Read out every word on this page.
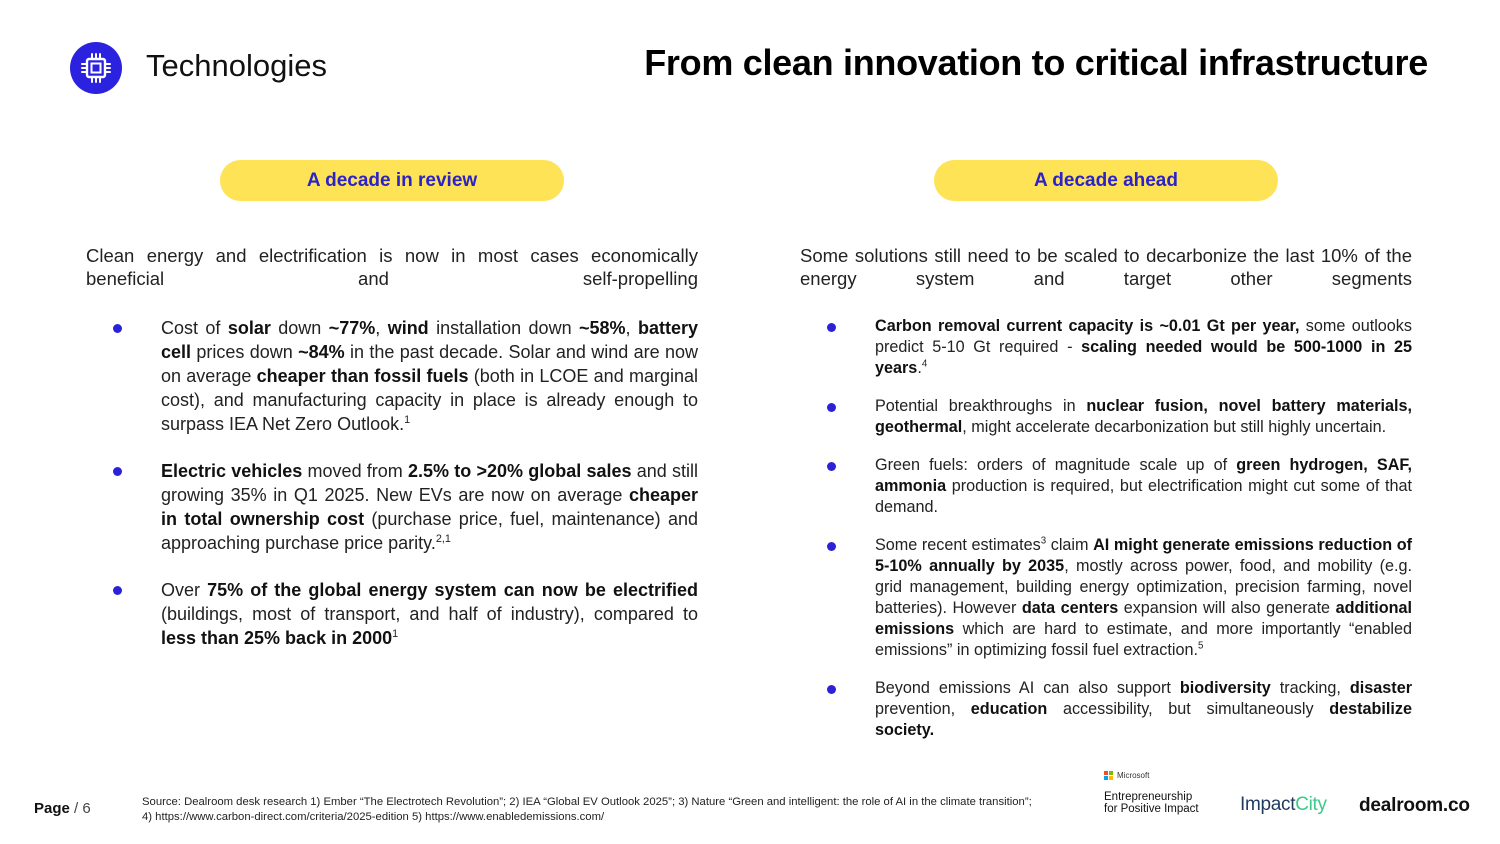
Technologies	From clean innovation to critical infrastructure
A decade in review	A decade ahead

Clean energy and electrification is now in most cases economically beneficial and self-propelling

Cost of solar down ~77%, wind installation down ~58%, battery cell prices down ~84% in the past decade. Solar and wind are now on average cheaper than fossil fuels (both in LCOE and marginal cost), and manufacturing capacity in place is already enough to surpass IEA Net Zero Outlook.$^1$
Electric vehicles moved from 2.5% to >20% global sales and still growing 35% in Q1 2025. New EVs are now on average cheaper in total ownership cost (purchase price, fuel, maintenance) and approaching purchase price parity.$^{2,1}$
Over 75% of the global energy system can now be electrified (buildings, most of transport, and half of industry), compared to less than 25% back in 2000$^1$

Some solutions still need to be scaled to decarbonize the last 10% of the energy system and target other segments

Carbon removal current capacity is ~0.01 Gt per year, some outlooks predict 5-10 Gt required - scaling needed would be 500-1000 in 25 years.$^4$
Potential breakthroughs in nuclear fusion, novel battery materials, geothermal, might accelerate decarbonization but still highly uncertain.
Green fuels: orders of magnitude scale up of green hydrogen, SAF, ammonia production is required, but electrification might cut some of that demand.
Some recent estimates$^3$ claim AI might generate emissions reduction of 5-10% annually by 2035, mostly across power, food, and mobility (e.g. grid management, building energy optimization, precision farming, novel batteries). However data centers expansion will also generate additional emissions which are hard to estimate, and more importantly “enabled emissions” in optimizing fossil fuel extraction.$^5$
Beyond emissions AI can also support biodiversity tracking, disaster prevention, education accessibility, but simultaneously destabilize society.
Page / 6	Source: Dealroom desk research 1) Ember “The Electrotech Revolution”; 2) IEA “Global EV Outlook 2025”; 3) Nature “Green and intelligent: the role of AI in the climate transition”; 4) https://www.carbon-direct.com/criteria/2025-edition 5) https://www.enabledemissions.com/
Microsoft
Entrepreneurship
for Positive Impact ImpactCity dealroom.co
